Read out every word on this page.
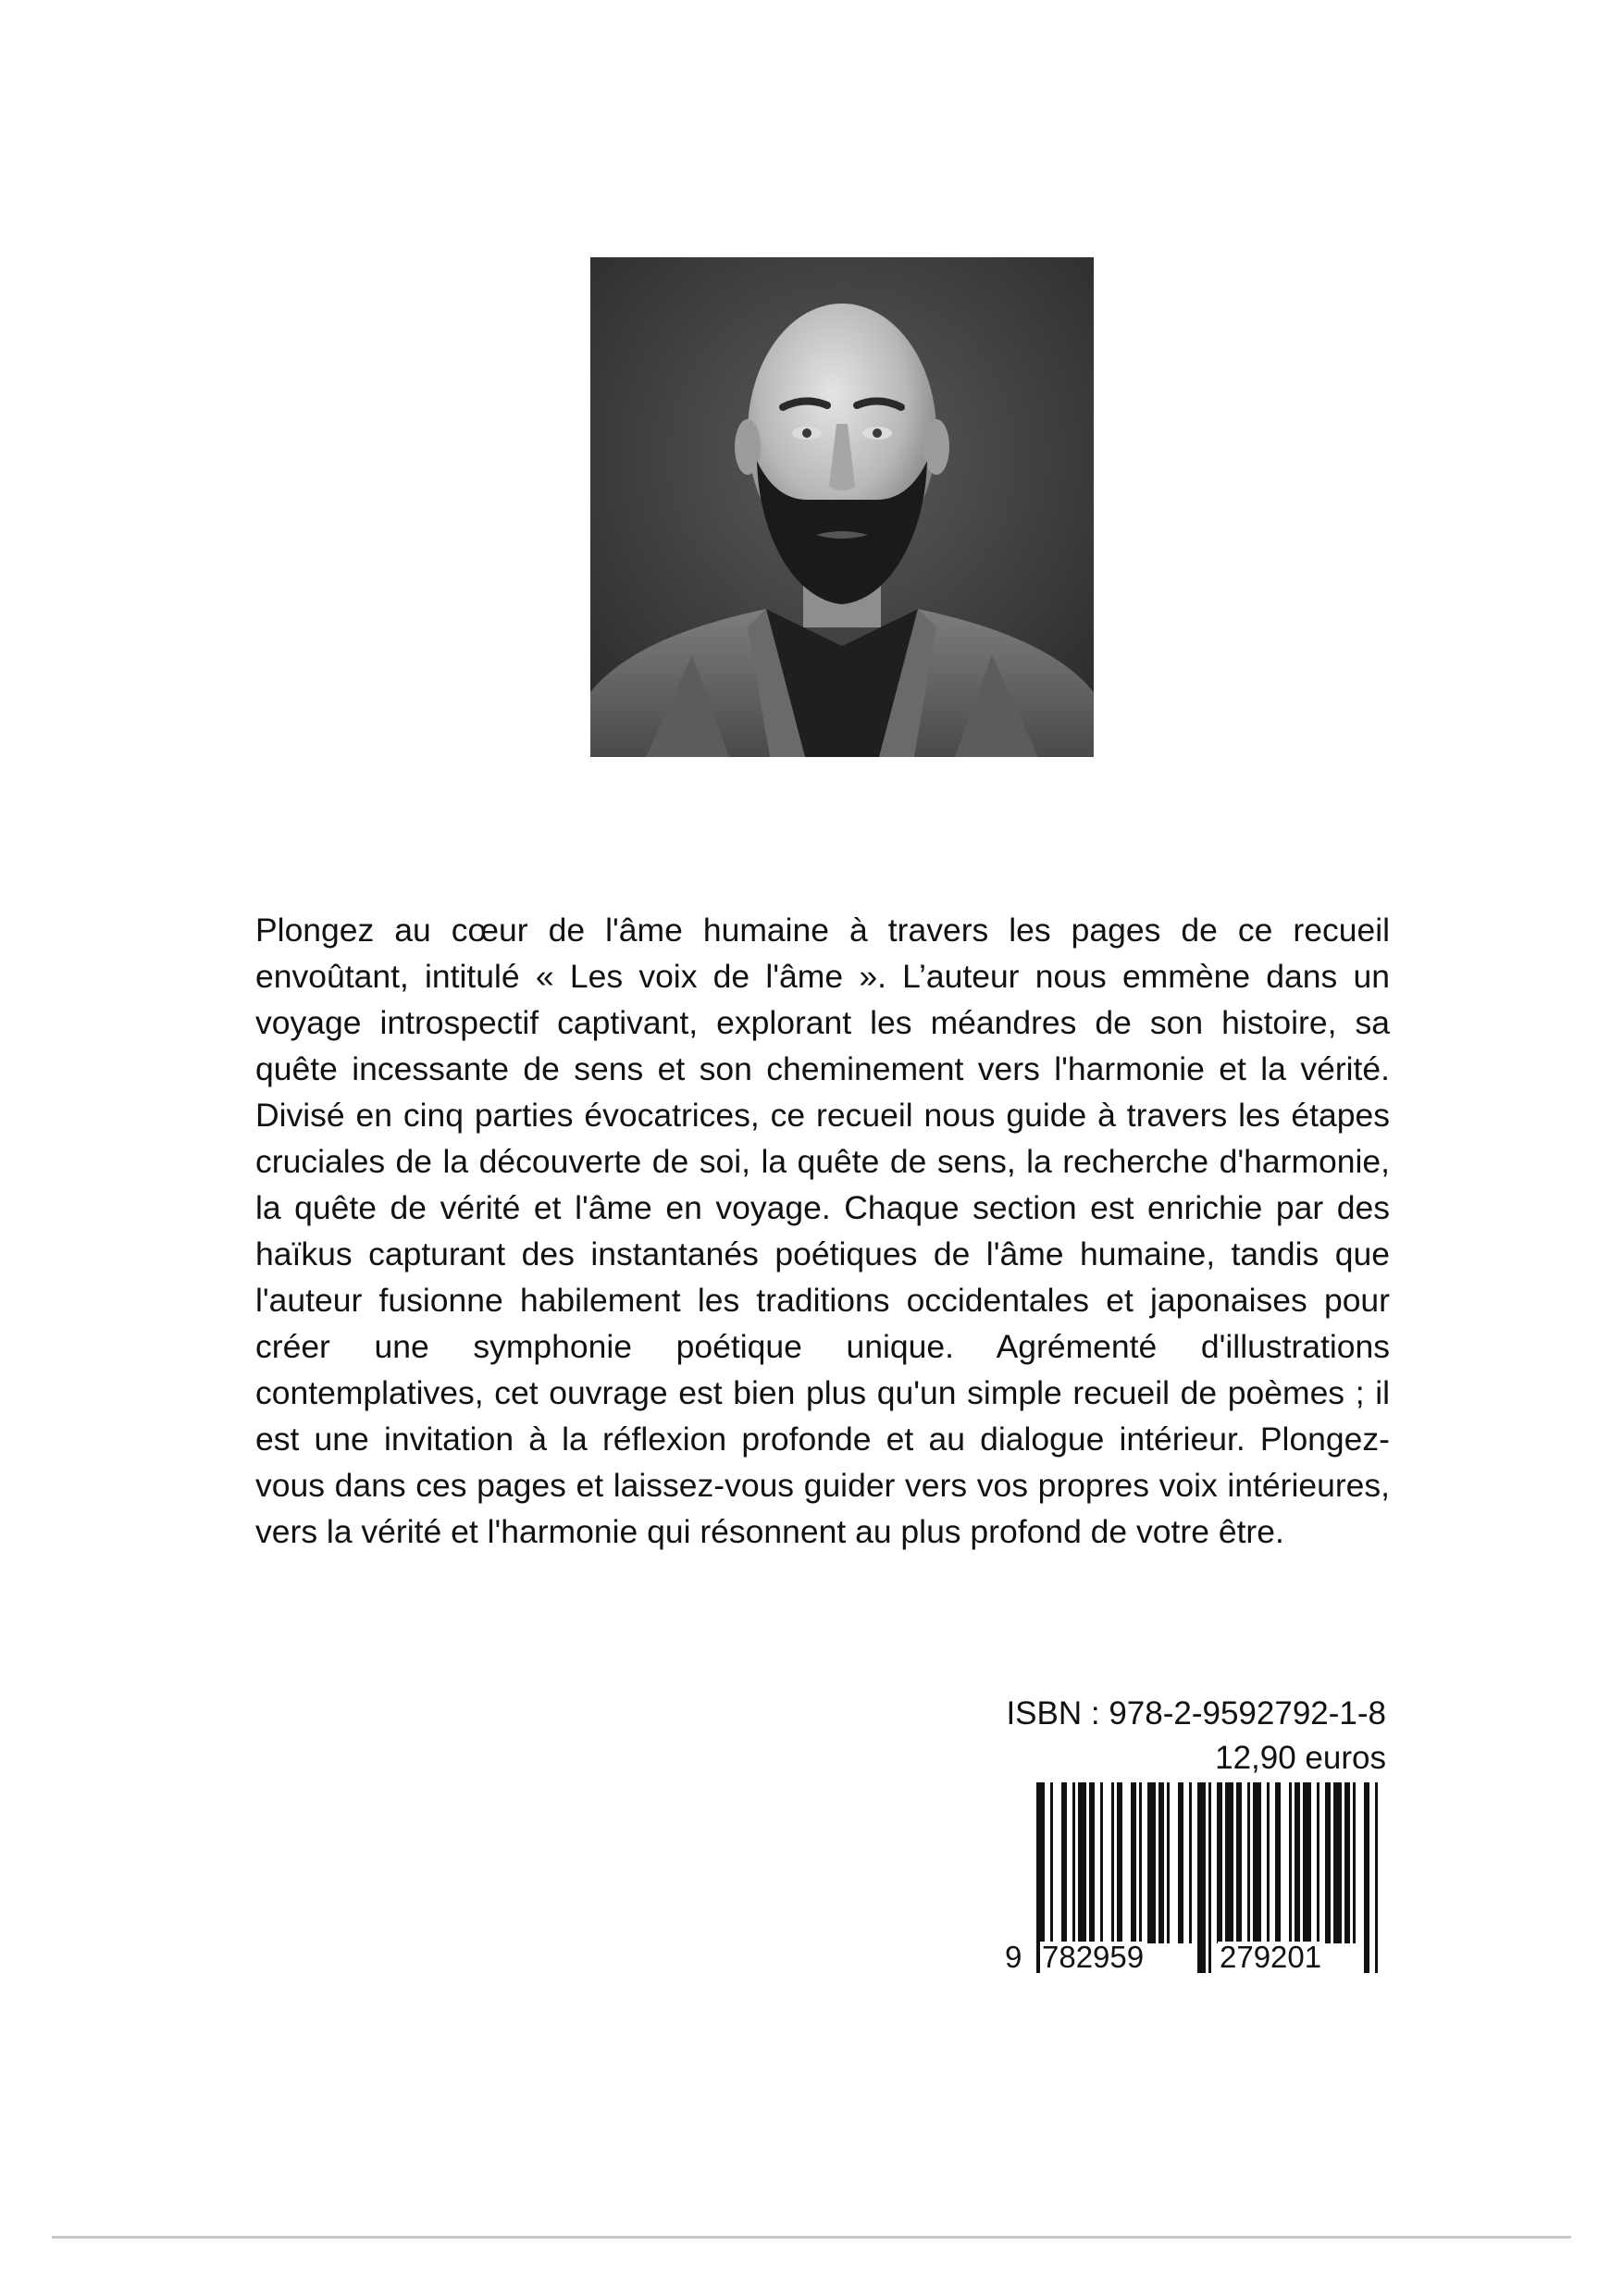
Plongez au cœur de l'âme humaine à travers les pages de ce recueil envoûtant, intitulé « Les voix de l'âme ». L’auteur nous emmène dans un voyage introspectif captivant, explorant les méandres de son histoire, sa quête incessante de sens et son cheminement vers l'harmonie et la vérité. Divisé en cinq parties évocatrices, ce recueil nous guide à travers les étapes cruciales de la découverte de soi, la quête de sens, la recherche d'harmonie, la quête de vérité et l'âme en voyage. Chaque section est enrichie par des haïkus capturant des instantanés poétiques de l'âme humaine, tandis que l'auteur fusionne habilement les traditions occidentales et japonaises pour créer une symphonie poétique unique. Agrémenté d'illustrations contemplatives, cet ouvrage est bien plus qu'un simple recueil de poèmes ; il est une invitation à la réflexion profonde et au dialogue intérieur. Plongez-vous dans ces pages et laissez-vous guider vers vos propres voix intérieures, vers la vérité et l'harmonie qui résonnent au plus profond de votre être.

ISBN : 978-2-9592792-1-8
12,90 euros
9 782959 279201
